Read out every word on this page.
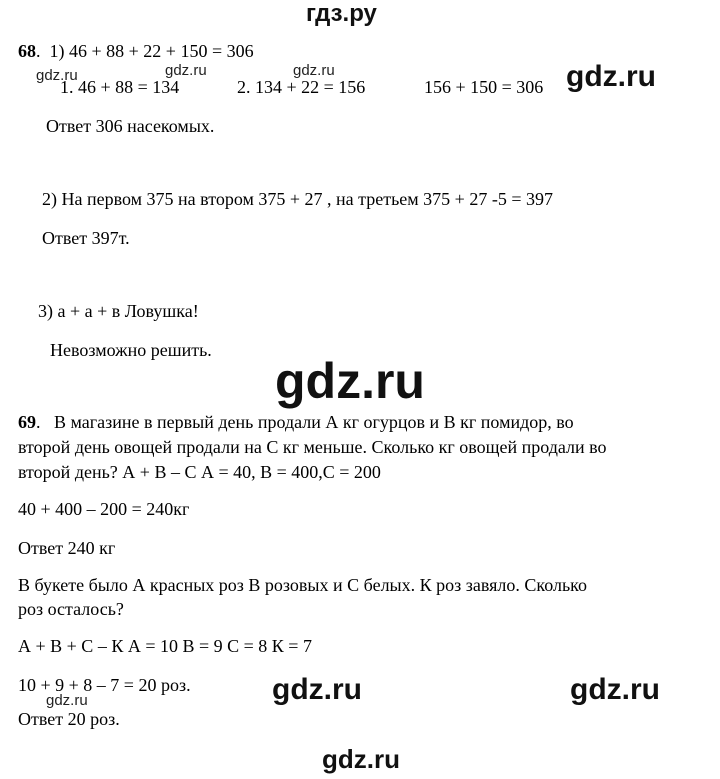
гдз.ру
68.  1) 46 + 88 + 22 + 150 = 306
gdz.ru	gdz.ru	gdz.ru	gdz.ru
1. 46 + 88 = 134	2. 134 + 22 = 156	156 + 150 = 306
Ответ 306 насекомых.
2) На первом 375 на втором 375 + 27 , на третьем 375 + 27 -5 = 397
Ответ 397т.
3) а + а + в Ловушка!
Невозможно решить.
gdz.ru
69.   В магазине в первый день продали А кг огурцов и В кг помидор, во
второй день овощей продали на С кг меньше. Сколько кг овощей продали во
второй день? А + В – С А = 40, В = 400,С = 200
40 + 400 – 200 = 240кг
Ответ 240 кг
В букете было А красных роз В розовых и С белых. К роз завяло. Сколько
роз осталось?
А + В + С – К А = 10 В = 9 С = 8 К = 7
10 + 9 + 8 – 7 = 20 роз.
gdz.ru
Ответ 20 роз.
gdz.ru	gdz.ru
gdz.ru
